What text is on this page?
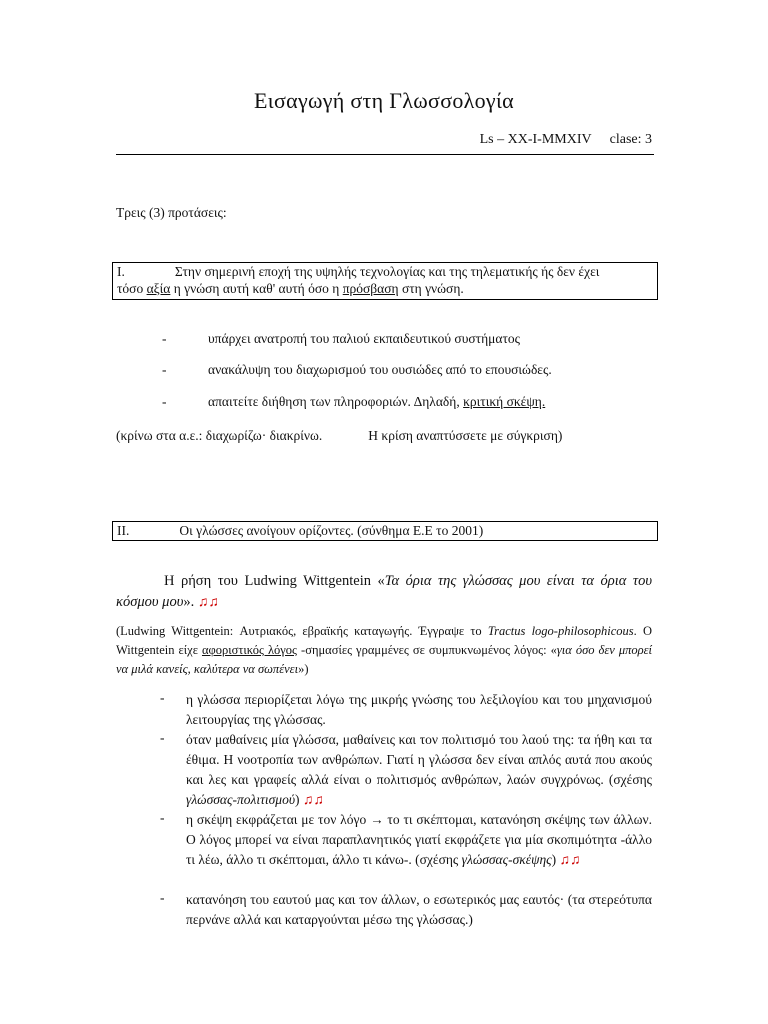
Εισαγωγή στη Γλωσσολογία
Ls – XX-I-MMXIV clase: 3
Τρεις (3) προτάσεις:
I.	Στην σημερινή εποχή της υψηλής τεχνολογίας και της τηλεματικής ής δεν έχει
τόσο αξία η γνώση αυτή καθ' αυτή όσο η πρόσβαση στη γνώση.
-	υπάρχει ανατροπή του παλιού εκπαιδευτικού συστήματος
-	ανακάλυψη του διαχωρισμού του ουσιώδες από το επουσιώδες.
-	απαιτείτε διήθηση των πληροφοριών. Δηλαδή, κριτική σκέψη.
(κρίνω στα α.ε.: διαχωρίζω· διακρίνω.	Η κρίση αναπτύσσετε με σύγκριση)
II.	Οι γλώσσες ανοίγουν ορίζοντες. (σύνθημα Ε.Ε το 2001)
Η ρήση του Ludwing Wittgentein «Τα όρια της γλώσσας μου είναι τα όρια του κόσμου μου». ♫♫
(Ludwing Wittgentein: Αυτριακός, εβραϊκής καταγωγής. Έγγραψε το Tractus logo-philosophicous. Ο Wittgentein είχε αφοριστικός λόγος -σημασίες γραμμένες σε συμπυκνωμένος λόγος: «για όσο δεν μπορεί να μιλά κανείς, καλύτερα να σωπένει»)
- η γλώσσα περιορίζεται λόγω της μικρής γνώσης του λεξιλογίου και του μηχανισμού λειτουργίας της γλώσσας.
- όταν μαθαίνεις μία γλώσσα, μαθαίνεις και τον πολιτισμό του λαού της: τα ήθη και τα έθιμα. Η νοοτροπία των ανθρώπων. Γιατί η γλώσσα δεν είναι απλός αυτά που ακούς και λες και γραφείς αλλά είναι ο πολιτισμός ανθρώπων, λαών συγχρόνως. (σχέσης γλώσσας-πολιτισμού) ♫♫
- η σκέψη εκφράζεται με τον λόγο → το τι σκέπτομαι, κατανόηση σκέψης των άλλων. Ο λόγος μπορεί να είναι παραπλανητικός γιατί εκφράζετε για μία σκοπιμότητα -άλλο τι λέω, άλλο τι σκέπτομαι, άλλο τι κάνω-. (σχέσης γλώσσας-σκέψης) ♫♫
- κατανόηση του εαυτού μας και τον άλλων, ο εσωτερικός μας εαυτός· (τα στερεότυπα περνάνε αλλά και καταργούνται μέσω της γλώσσας.)
